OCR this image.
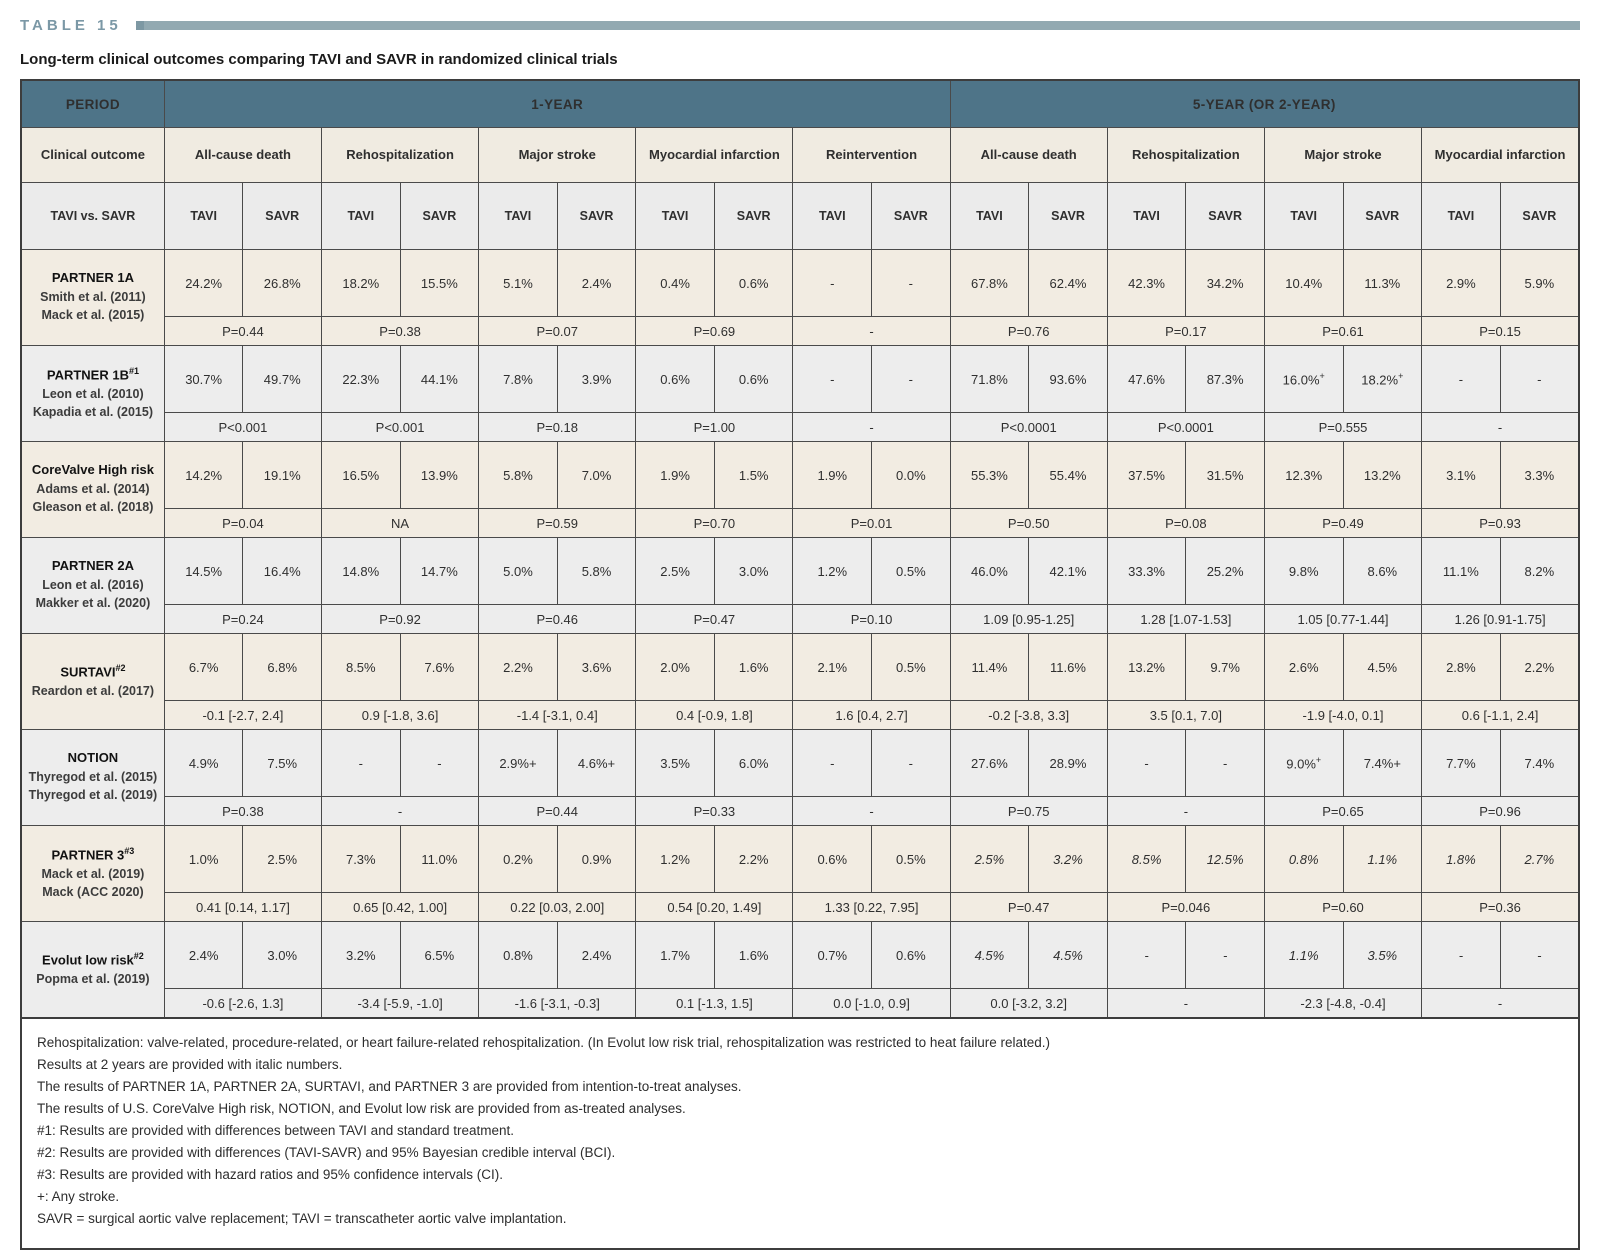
TABLE 15
Long-term clinical outcomes comparing TAVI and SAVR in randomized clinical trials
PERIOD	1-YEAR										5-YEAR (OR 2-YEAR)							
Clinical outcome	All-cause death		Rehospitalization		Major stroke		Myocardial infarction		Reintervention		All-cause death		Rehospitalization		Major stroke		Myocardial infarction	
TAVI vs. SAVR	TAVI	SAVR	TAVI	SAVR	TAVI	SAVR	TAVI	SAVR	TAVI	SAVR	TAVI	SAVR	TAVI	SAVR	TAVI	SAVR	TAVI	SAVR

PARTNER 1A
Smith et al. (2011)
Mack et al. (2015)	24.2%	26.8%	18.2%	15.5%	5.1%	2.4%	0.4%	0.6%	-	-	67.8%	62.4%	42.3%	34.2%	10.4%	11.3%	2.9%	5.9%
	P=0.44		P=0.38		P=0.07		P=0.69		-		P=0.76		P=0.17		P=0.61		P=0.15	

PARTNER $1B^{\#1}$
Leon et al. (2010)
Kapadia et al. (2015)	30.7%	49.7%	22.3%	44.1%	7.8%	3.9%	0.6%	0.6%	-	-	71.8%	93.6%	47.6%	87.3%	16.0%+	18.2%+	-	-
	P<0.001		P<0.001		P=0.18		P=1.00		-		P<0.0001		P<0.0001		P=0.555		-	

CoreValve High risk
Adams et al. (2014)
Gleason et al. (2018)	14.2%	19.1%	16.5%	13.9%	5.8%	7.0%	1.9%	1.5%	1.9%	0.0%	55.3%	55.4%	37.5%	31.5%	12.3%	13.2%	3.1%	3.3%
	P=0.04		NA		P=0.59		P=0.70		P=0.01		P=0.50		P=0.08		P=0.49		P=0.93	

PARTNER 2A
Leon et al. (2016)
Makker et al. (2020)	14.5%	16.4%	14.8%	14.7%	5.0%	5.8%	2.5%	3.0%	1.2%	0.5%	46.0%	42.1%	33.3%	25.2%	9.8%	8.6%	11.1%	8.2%
	P=0.24		P=0.92		P=0.46		P=0.47		P=0.10		1.09 [0.95-1.25]		1.28 [1.07-1.53]		1.05 [0.77-1.44]		1.26 [0.91-1.75]	

SURTAVI$^{\#2}$
Reardon et al. (2017)	6.7%	6.8%	8.5%	7.6%	2.2%	3.6%	2.0%	1.6%	2.1%	0.5%	11.4%	11.6%	13.2%	9.7%	2.6%	4.5%	2.8%	2.2%
	-0.1 [-2.7, 2.4]		0.9 [-1.8, 3.6]		-1.4 [-3.1, 0.4]		0.4 [-0.9, 1.8]		1.6 [0.4, 2.7]		-0.2 [-3.8, 3.3]		3.5 [0.1, 7.0]		-1.9 [-4.0, 0.1]		0.6 [-1.1, 2.4]	

NOTION
Thyregod et al. (2015)
Thyregod et al. (2019)	4.9%	7.5%	-	-	2.9%+	4.6%+	3.5%	6.0%	-	-	27.6%	28.9%	-	-	9.0%+	7.4%+	7.7%	7.4%
	P=0.38		-		P=0.44		P=0.33		-		P=0.75		-		P=0.65		P=0.96	

PARTNER 3$^{\#3}$
Mack et al. (2019)
Mack (ACC 2020)	1.0%	2.5%	7.3%	11.0%	0.2%	0.9%	1.2%	2.2%	0.6%	0.5%	2.5%	3.2%	8.5%	12.5%	0.8%	1.1%	1.8%	2.7%
	0.41 [0.14, 1.17]		0.65 [0.42, 1.00]		0.22 [0.03, 2.00]		0.54 [0.20, 1.49]		1.33 [0.22, 7.95]		P=0.47		P=0.046		P=0.60		P=0.36	

Evolut low risk$^{\#2}$
Popma et al. (2019)	2.4%	3.0%	3.2%	6.5%	0.8%	2.4%	1.7%	1.6%	0.7%	0.6%	4.5%	4.5%	-	-	1.1%	3.5%	-	-
	-0.6 [-2.6, 1.3]		-3.4 [-5.9, -1.0]		-1.6 [-3.1, -0.3]		0.1 [-1.3, 1.5]		0.0 [-1.0, 0.9]		0.0 [-3.2, 3.2]		-		-2.3 [-4.8, -0.4]		-	
Rehospitalization: valve-related, procedure-related, or heart failure-related rehospitalization. (In Evolut low risk trial, rehospitalization was restricted to heat failure related.)
Results at 2 years are provided with italic numbers.
The results of PARTNER 1A, PARTNER 2A, SURTAVI, and PARTNER 3 are provided from intention-to-treat analyses.
The results of U.S. CoreValve High risk, NOTION, and Evolut low risk are provided from as-treated analyses.
#1: Results are provided with differences between TAVI and standard treatment.
#2: Results are provided with differences (TAVI-SAVR) and 95% Bayesian credible interval (BCI).
#3: Results are provided with hazard ratios and 95% confidence intervals (CI).
+: Any stroke.
SAVR = surgical aortic valve replacement; TAVI = transcatheter aortic valve implantation.
